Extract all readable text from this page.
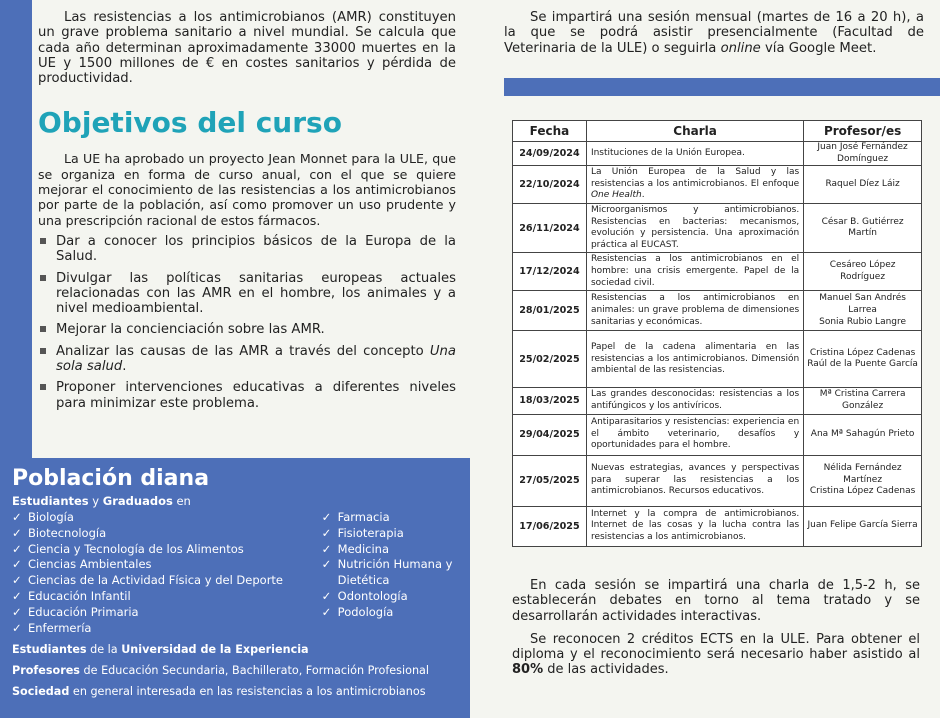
Las resistencias a los antimicrobianos (AMR) constituyen un grave problema sanitario a nivel mundial. Se calcula que cada año determinan aproximadamente 33000 muertes en la UE y 1500 millones de € en costes sanitarios y pérdida de productividad.

Objetivos del curso

La UE ha aprobado un proyecto Jean Monnet para la ULE, que se organiza en forma de curso anual, con el que se quiere mejorar el conocimiento de las resistencias a los antimicrobianos por parte de la población, así como promover un uso prudente y una prescripción racional de estos fármacos.

Dar a conocer los principios básicos de la Europa de la Salud.
Divulgar las políticas sanitarias europeas actuales relacionadas con las AMR en el hombre, los animales y a nivel medioambiental.
Mejorar la concienciación sobre las AMR.
Analizar las causas de las AMR a través del concepto Una sola salud.
Proponer intervenciones educativas a diferentes niveles para minimizar este problema.
Población diana
Estudiantes y Graduados en
✓ Biología
✓ Biotecnología
✓ Ciencia y Tecnología de los Alimentos
✓ Ciencias Ambientales
✓ Ciencias de la Actividad Física y del Deporte
✓ Educación Infantil
✓ Educación Primaria
✓ Enfermería
✓ Farmacia
✓ Fisioterapia
✓ Medicina
✓ Nutrición Humana y Dietética
✓ Odontología
✓ Podología
Estudiantes de la Universidad de la Experiencia
Profesores de Educación Secundaria, Bachillerato, Formación Profesional
Sociedad en general interesada en las resistencias a los antimicrobianos

Se impartirá una sesión mensual (martes de 16 a 20 h), a la que se podrá asistir presencialmente (Facultad de Veterinaria de la ULE) o seguirla online vía Google Meet.

Fecha	Charla	Profesor/es
24/09/2024	Instituciones de la Unión Europea.	Juan José Fernández Domínguez

22/10/2024	La Unión Europea de la Salud y las resistencias a los antimicrobianos. El enfoque One Health.	Raquel Díez Láiz

26/11/2024	Microorganismos y antimicrobianos. Resistencias en bacterias: mecanismos, evolución y persistencia. Una aproximación práctica al EUCAST.	César B. Gutiérrez Martín

17/12/2024	Resistencias a los antimicrobianos en el hombre: una crisis emergente. Papel de la sociedad civil.	Cesáreo López Rodríguez

28/01/2025	Resistencias a los antimicrobianos en animales: un grave problema de dimensiones sanitarias y económicas.	Manuel San Andrés Larrea
Sonia Rubio Langre

25/02/2025	Papel de la cadena alimentaria en las resistencias a los antimicrobianos. Dimensión ambiental de las resistencias.	Cristina López Cadenas
Raúl de la Puente García

18/03/2025	Las grandes desconocidas: resistencias a los antifúngicos y los antivíricos.	Mª Cristina Carrera González

29/04/2025	Antiparasitarios y resistencias: experiencia en el ámbito veterinario, desafíos y oportunidades para el hombre.	Ana Mª Sahagún Prieto

27/05/2025	Nuevas estrategias, avances y perspectivas para superar las resistencias a los antimicrobianos. Recursos educativos.	Nélida Fernández Martínez
Cristina López Cadenas

17/06/2025	Internet y la compra de antimicrobianos. Internet de las cosas y la lucha contra las resistencias a los antimicrobianos.	Juan Felipe García Sierra

En cada sesión se impartirá una charla de 1,5-2 h, se establecerán debates en torno al tema tratado y se desarrollarán actividades interactivas.

Se reconocen 2 créditos ECTS en la ULE. Para obtener el diploma y el reconocimiento será necesario haber asistido al 80% de las actividades.
